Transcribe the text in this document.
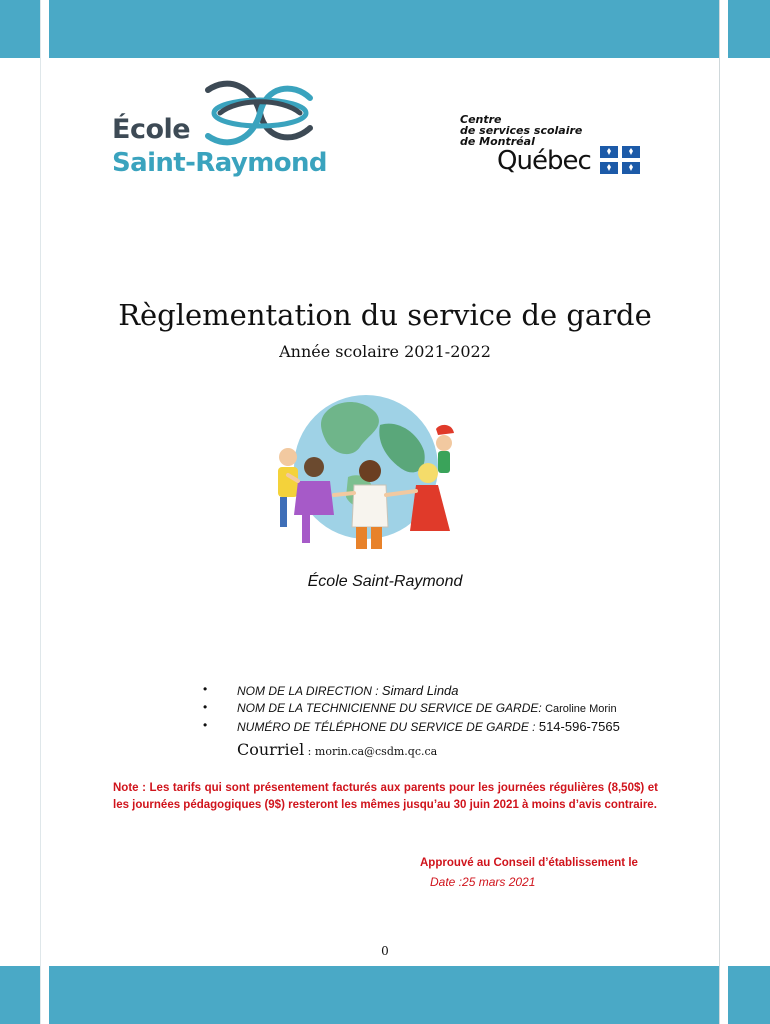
École
Saint-Raymond
Centre
de services scolaire
de Montréal
Québec
Règlementation du service de garde
Année scolaire 2021-2022
École Saint-Raymond
• NOM DE LA DIRECTION : Simard Linda
• NOM DE LA TECHNICIENNE DU SERVICE DE GARDE: Caroline Morin
• NUMÉRO DE TÉLÉPHONE DU SERVICE DE GARDE : 514-596-7565
Courriel : morin.ca@csdm.qc.ca
Note : Les tarifs qui sont présentement facturés aux parents pour les journées régulières (8,50$) et les journées pédagogiques (9$) resteront les mêmes jusqu’au 30 juin 2021 à moins d’avis contraire.
Approuvé au Conseil d’établissement le
Date :25 mars 2021
0
